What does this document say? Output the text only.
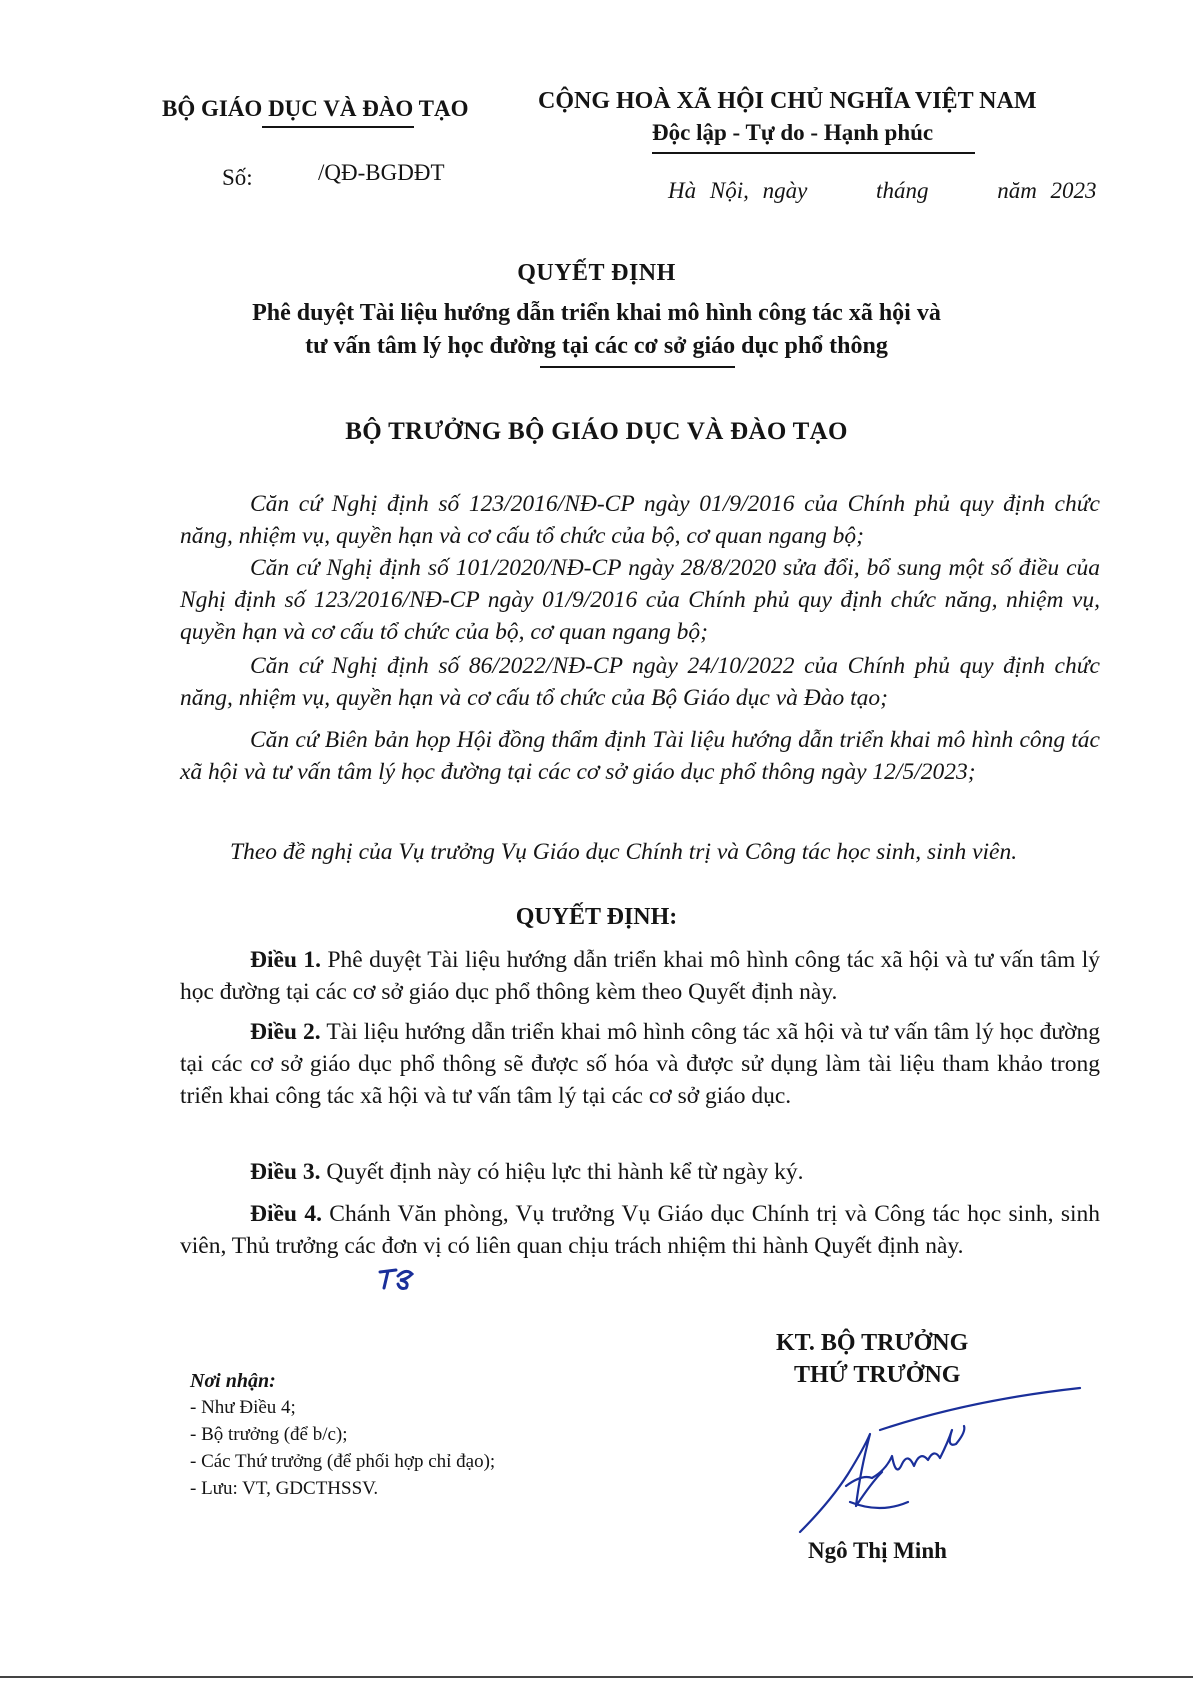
BỘ GIÁO DỤC VÀ ĐÀO TẠO	CỘNG HOÀ XÃ HỘI CHỦ NGHĨA VIỆT NAM
Độc lập - Tự do - Hạnh phúc
Số:	/QĐ-BGDĐT
Hà Nội, ngày     tháng     năm 2023
QUYẾT ĐỊNH
Phê duyệt Tài liệu hướng dẫn triển khai mô hình công tác xã hội và
tư vấn tâm lý học đường tại các cơ sở giáo dục phổ thông
BỘ TRƯỞNG BỘ GIÁO DỤC VÀ ĐÀO TẠO
Căn cứ Nghị định số 123/2016/NĐ-CP ngày 01/9/2016 của Chính phủ quy định chức năng, nhiệm vụ, quyền hạn và cơ cấu tổ chức của bộ, cơ quan ngang bộ;
Căn cứ Nghị định số 101/2020/NĐ-CP ngày 28/8/2020 sửa đổi, bổ sung một số điều của Nghị định số 123/2016/NĐ-CP ngày 01/9/2016 của Chính phủ quy định chức năng, nhiệm vụ, quyền hạn và cơ cấu tổ chức của bộ, cơ quan ngang bộ;
Căn cứ Nghị định số 86/2022/NĐ-CP ngày 24/10/2022 của Chính phủ quy định chức năng, nhiệm vụ, quyền hạn và cơ cấu tổ chức của Bộ Giáo dục và Đào tạo;
Căn cứ Biên bản họp Hội đồng thẩm định Tài liệu hướng dẫn triển khai mô hình công tác xã hội và tư vấn tâm lý học đường tại các cơ sở giáo dục phổ thông ngày 12/5/2023;
Theo đề nghị của Vụ trưởng Vụ Giáo dục Chính trị và Công tác học sinh, sinh viên.
QUYẾT ĐỊNH:
Điều 1. Phê duyệt Tài liệu hướng dẫn triển khai mô hình công tác xã hội và tư vấn tâm lý học đường tại các cơ sở giáo dục phổ thông kèm theo Quyết định này.
Điều 2. Tài liệu hướng dẫn triển khai mô hình công tác xã hội và tư vấn tâm lý học đường tại các cơ sở giáo dục phổ thông sẽ được số hóa và được sử dụng làm tài liệu tham khảo trong triển khai công tác xã hội và tư vấn tâm lý tại các cơ sở giáo dục.
Điều 3. Quyết định này có hiệu lực thi hành kể từ ngày ký.
Điều 4. Chánh Văn phòng, Vụ trưởng Vụ Giáo dục Chính trị và Công tác học sinh, sinh viên, Thủ trưởng các đơn vị có liên quan chịu trách nhiệm thi hành Quyết định này.
Nơi nhận:
- Như Điều 4;
- Bộ trưởng (để b/c);
- Các Thứ trưởng (để phối hợp chỉ đạo);
- Lưu: VT, GDCTHSSV.
KT. BỘ TRƯỞNG
THỨ TRƯỞNG
Ngô Thị Minh
